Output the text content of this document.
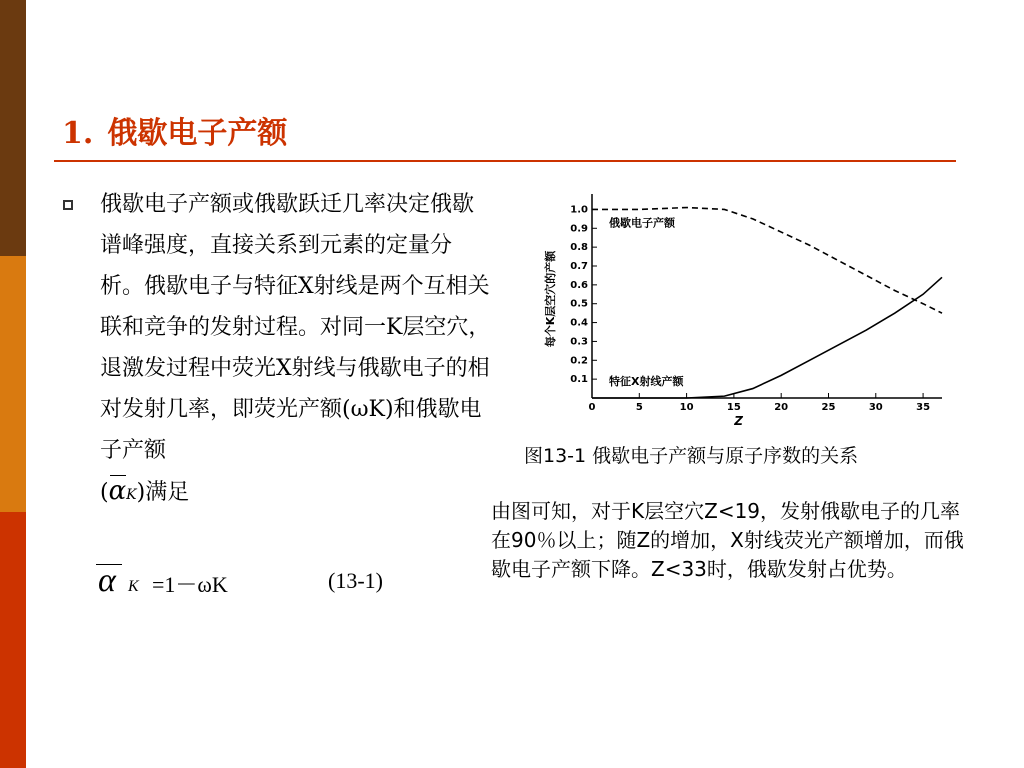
1. 俄歇电子产额

俄歇电子产额或俄歇跃迁几率决定俄歇谱峰强度，直接关系到元素的定量分析。俄歇电子与特征X射线是两个互相关联和竞争的发射过程。对同一K层空穴，退激发过程中荧光X射线与俄歇电子的相对发射几率，即荧光产额(ωK)和俄歇电子产额
(
αK)满足

α K =1－ωK	(13-1)
0	5	10	15	20	25	30	35
0.1
0.2
0.3
0.4
0.5
0.6
0.7
0.8
0.9
1.0
Z
每个K层空穴的产额
俄歇电子产额
特征X射线产额

图13-1 俄歇电子产额与原子序数的关系

由图可知，对于K层空穴Z<19，发射俄歇电子的几率在90％以上；随Z的增加，X射线荧光产额增加，而俄歇电子产额下降。Z<33时，俄歇发射占优势。
